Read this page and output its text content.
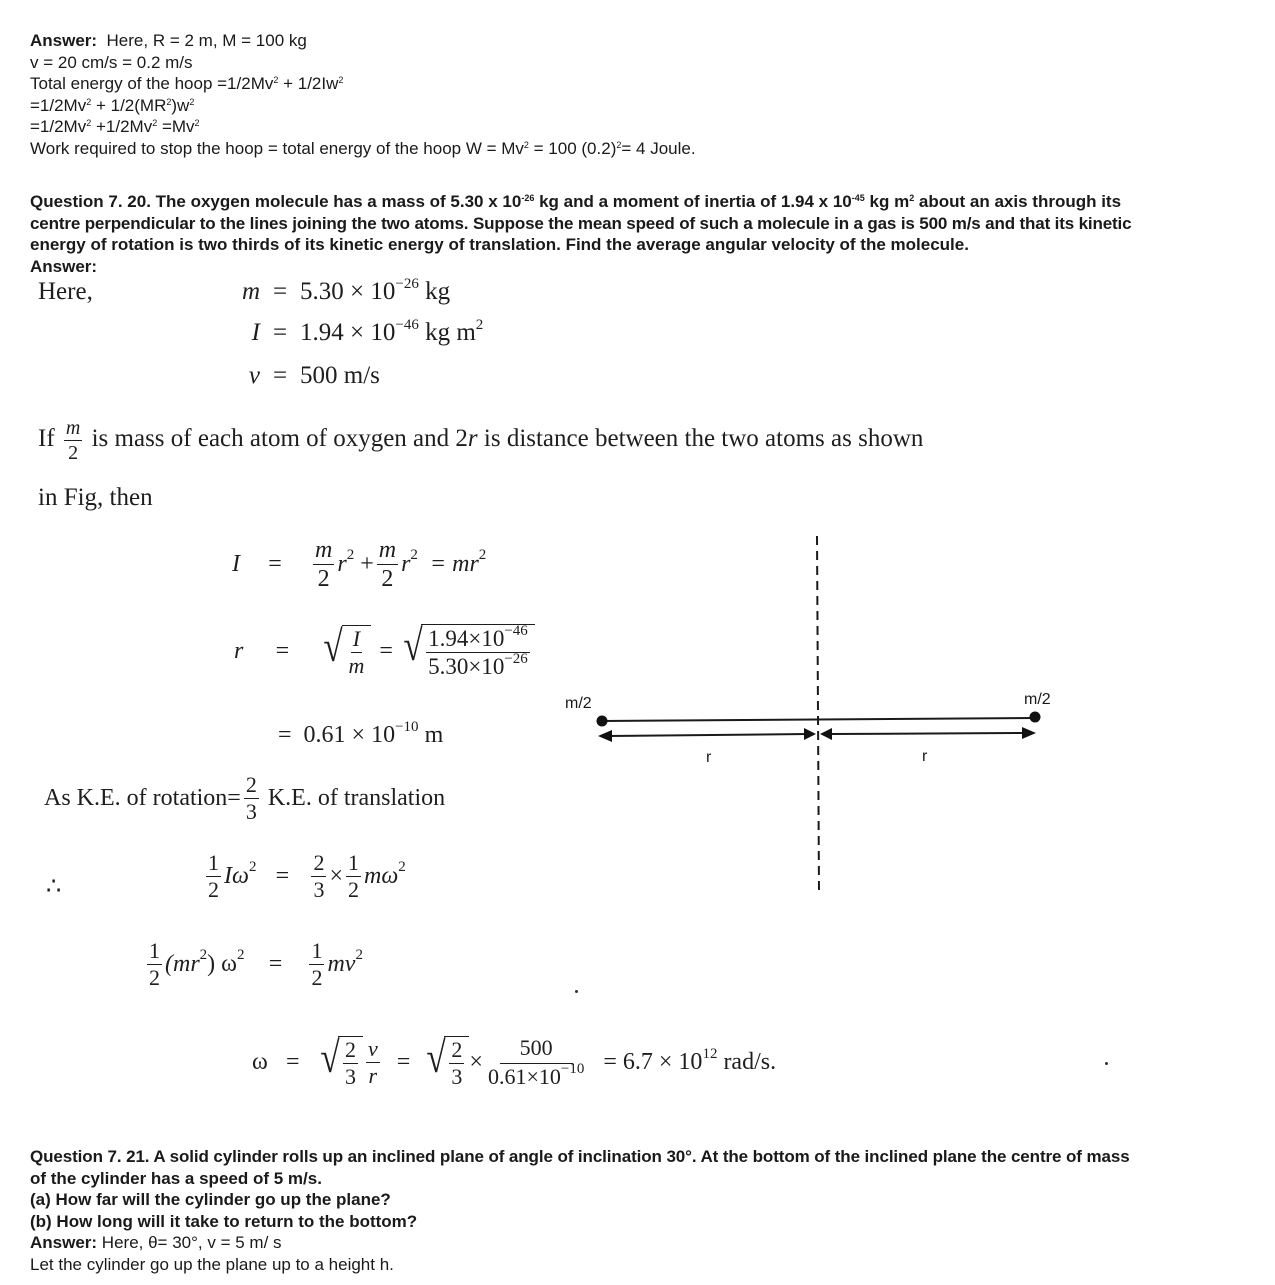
Answer: Here, R = 2 m, M = 100 kg
v = 20 cm/s = 0.2 m/s
Total energy of the hoop $=1/2Mv^2 + 1/2Iw^2$
$=1/2Mv^2 + 1/2(MR^2)w^2$
$=1/2Mv^2 +1/2Mv^2 =Mv^2$
Work required to stop the hoop = total energy of the hoop $W = Mv^2 = 100$ $(0.2)^2= 4$ Joule.
Question 7. 20. The oxygen molecule has a mass of 5.30 x $10^{-26}$ kg and a moment of inertia of 1.94 x $10^{-45}$ kg $m^2$ about an axis through its
centre perpendicular to the lines joining the two atoms. Suppose the mean speed of such a molecule in a gas is 500 m/s and that its kinetic
energy of rotation is two thirds of its kinetic energy of translation. Find the average angular velocity of the molecule.
Answer:
Here,	$m = 5.30 \times 10^{-26}$ kg
$I = 1.94 \times 10^{-46}$ kg $m^2$
v = 500 m/s
If $\frac{m}{2}$ is mass of each atom of oxygen and 2r is distance between the two atoms as shown
in Fig, then
$I = \frac{m}{2} r^2 + \frac{m}{2} r^2 = mr^2$
r	= √ $\frac{I}{m}$ = √ $\frac{1.94\times 10^{-46}}{5.30\times 10^{-26}}$
= $0.61 \times 10^{-10}$ m
m/2	m/2
r	r
As K.E. of rotation= $\frac{2}{3} K.E$. of translation
∴	$\frac{1}{2} I\omega^2 = \frac{2}{3} \times \frac{1}{2} m\omega^2$
$\frac{1}{2} (mr^2) \omega^2 = \frac{1}{2} mv^2$
ω = √ $\frac{2}{3} \frac{v}{r}$ = √ $\frac{2}{3} \times \frac{500}{0.61\times 10^{-10}} = 6.7 \times 10^{12}$ rad/s.
Question 7. 21. A solid cylinder rolls up an inclined plane of angle of inclination 30°. At the bottom of the inclined plane the centre of mass
of the cylinder has a speed of 5 m/s.
(a) How far will the cylinder go up the plane?
(b) How long will it take to return to the bottom?
Answer: Here, θ= 30°, v = 5 m/ s
Let the cylinder go up the plane up to a height h.
